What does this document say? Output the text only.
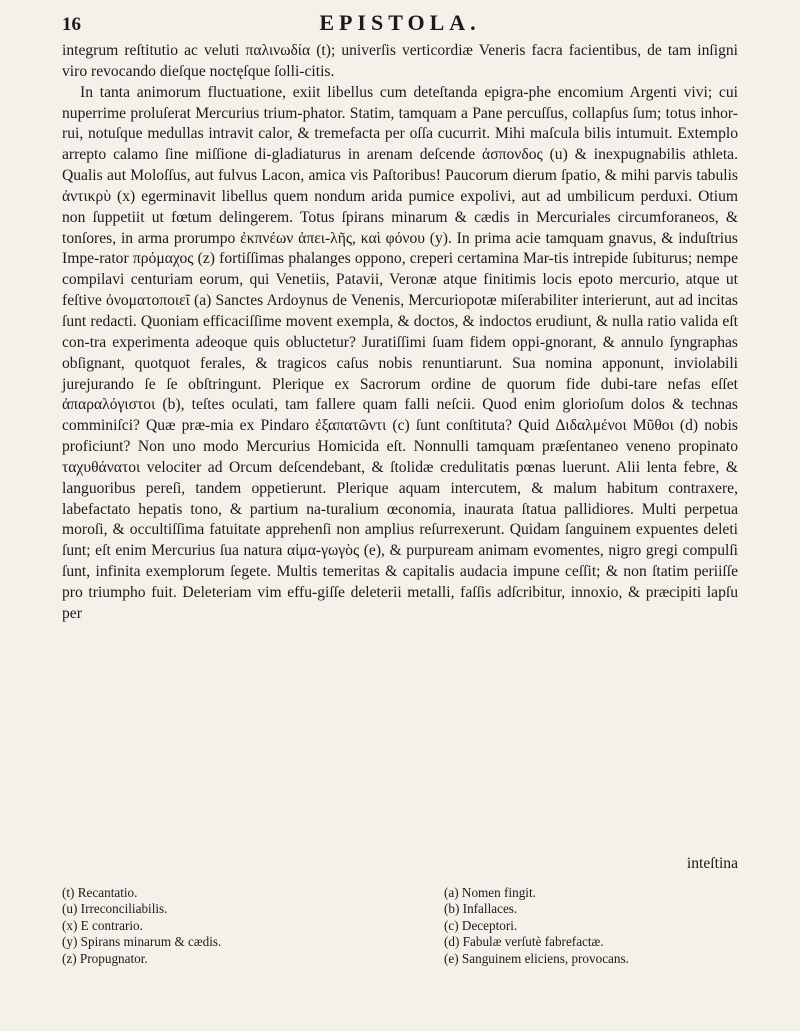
16	EPISTOLA.

integrum reſtitutio ac veluti παλινωδία (t); univerſis verticordiæ Veneris facra facientibus, de tam inſigni viro revocando dieſque noctęſque ſolli-citis.

In tanta animorum fluctuatione, exiit libellus cum deteſtanda epigra-phe encomium Argenti vivi; cui nuperrime proluſerat Mercurius trium-phator. Statim, tamquam a Pane percuſſus, collapſus ſum; totus inhor-rui, notuſque medullas intravit calor, & tremefacta per oſſa cucurrit. Mihi maſcula bilis intumuit. Extemplo arrepto calamo ſine miſſione di-gladiaturus in arenam deſcende ἀσπονδος (u) & inexpugnabilis athleta. Qualis aut Moloſſus, aut fulvus Lacon, amica vis Paſtoribus! Paucorum dierum ſpatio, & mihi parvis tabulis ἀντικρὺ (x) egerminavit libellus quem nondum arida pumice expolivi, aut ad umbilicum perduxi. Otium non ſuppetiit ut fœtum delingerem. Totus ſpirans minarum & cædis in Mercuriales circumforaneos, & tonſores, in arma prorumpo ἐκπνέων ἀπει-λῆς, καὶ φόνου (y). In prima acie tamquam gnavus, & induſtrius Impe-rator πρόμαχος (z) fortiſſimas phalanges oppono, creperi certamina Mar-tis intrepide ſubiturus; nempe compilavi centuriam eorum, qui Venetiis, Patavii, Veronæ atque finitimis locis epoto mercurio, atque ut feſtive ὀνοματοποιεῖ (a) Sanctes Ardoynus de Venenis, Mercuriopotæ miſerabiliter interierunt, aut ad incitas ſunt redacti. Quoniam efficaciſſime movent exempla, & doctos, & indoctos erudiunt, & nulla ratio valida eſt con-tra experimenta adeoque quis obluctetur? Juratiſſimi ſuam fidem oppi-gnorant, & annulo ſyngraphas obſignant, quotquot ferales, & tragicos caſus nobis renuntiarunt. Sua nomina apponunt, inviolabili jurejurando ſe ſe obſtringunt. Plerique ex Sacrorum ordine de quorum fide dubi-tare nefas eſſet ἀπαραλόγιστοι (b), teſtes oculati, tam fallere quam falli neſcii. Quod enim glorioſum dolos & technas comminiſci? Quæ præ-mia ex Pindaro ἐξαπατῶντι (c) ſunt conſtituta? Quid Διδαλμένοι Μῦθοι (d) nobis proficiunt? Non uno modo Mercurius Homicida eſt. Nonnulli tamquam præſentaneo veneno propinato ταχυθάνατοι velociter ad Orcum deſcendebant, & ſtolidæ credulitatis pœnas luerunt. Alii lenta febre, & languoribus pereſi, tandem oppetierunt. Plerique aquam intercutem, & malum habitum contraxere, labefactato hepatis tono, & partium na-turalium œconomia, inaurata ſtatua pallidiores. Multi perpetua moroſi, & occultiſſima fatuitate apprehenſi non amplius reſurrexerunt. Quidam ſanguinem expuentes deleti ſunt; eſt enim Mercurius ſua natura αἱμα-γωγὸς (e), & purpuream animam evomentes, nigro gregi compulſi ſunt, infinita exemplorum ſegete. Multis temeritas & capitalis audacia impune ceſſit; & non ſtatim periiſſe pro triumpho fuit. Deleteriam vim effu-giſſe deleterii metalli, faſſis adſcribitur, innoxio, & præcipiti lapſu per

inteſtina
(t) Recantatio.
(u) Irreconciliabilis.
(x) E contrario.
(y) Spirans minarum & cædis.
(z) Propugnator.
(a) Nomen fingit.
(b) Infallaces.
(c) Deceptori.
(d) Fabulæ verſutè fabrefactæ.
(e) Sanguinem eliciens, provocans.
